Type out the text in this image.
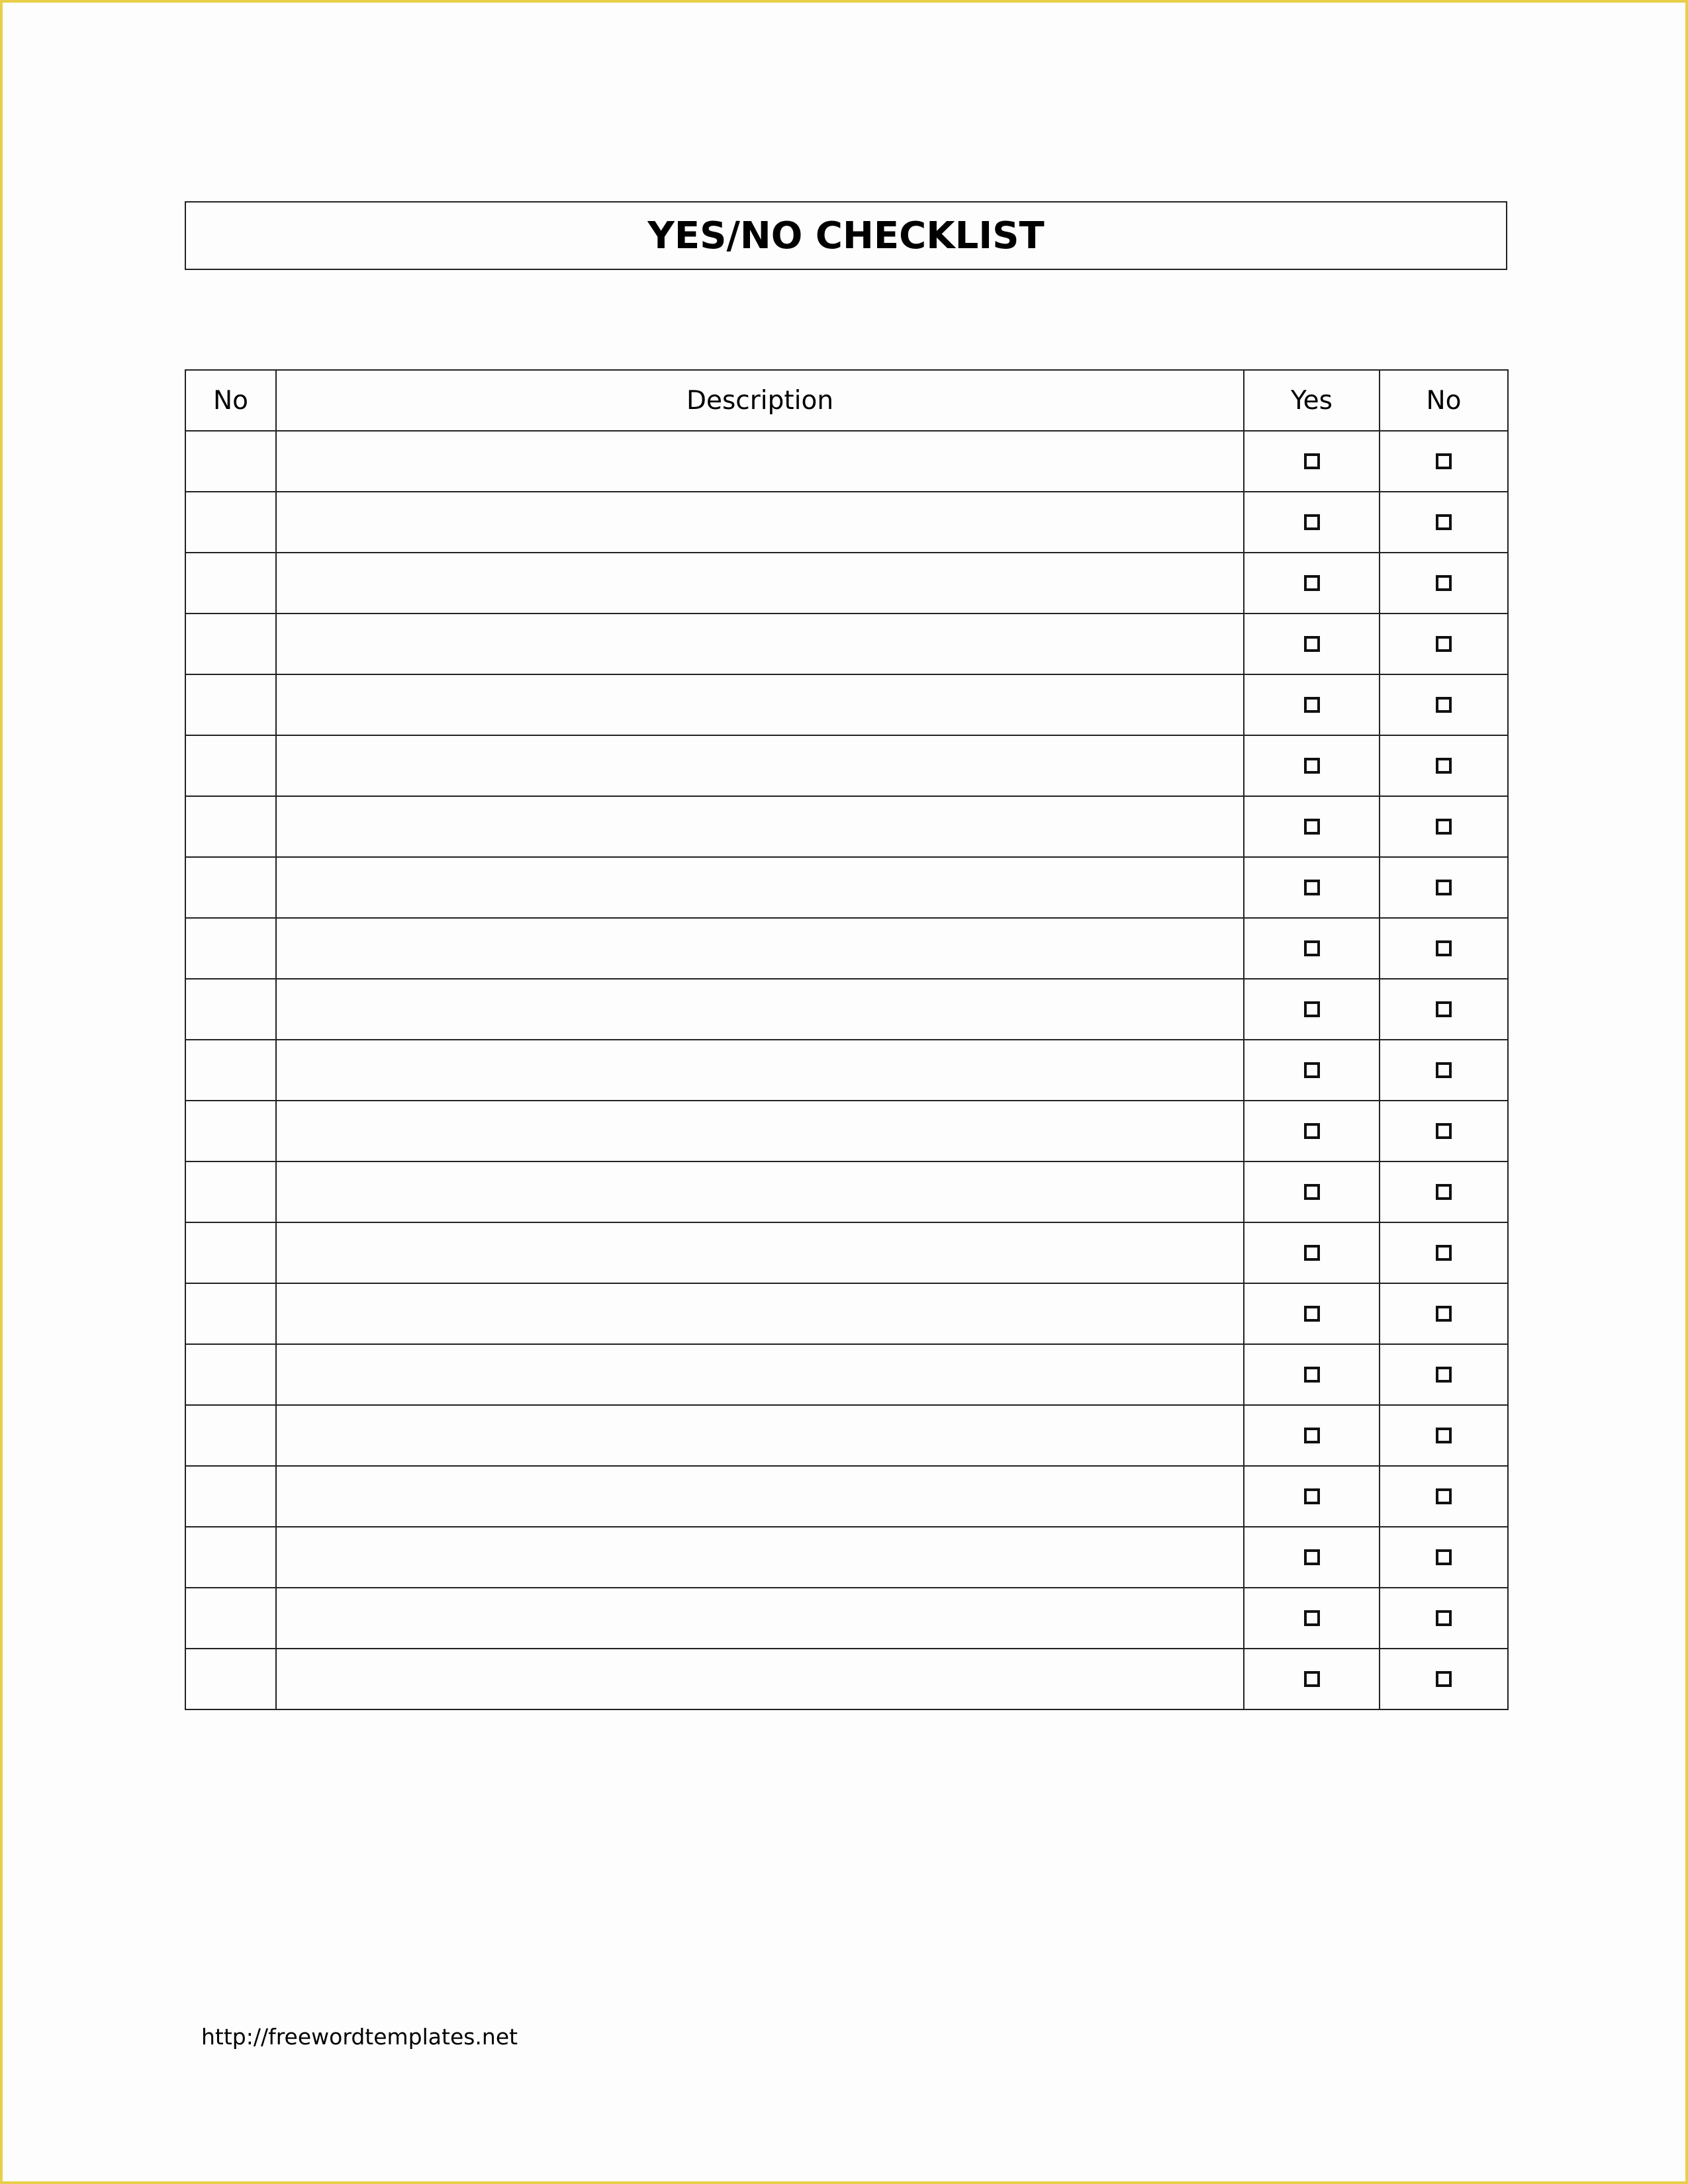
YES/NO CHECKLIST
No	Description	Yes	No

http://freewordtemplates.net
